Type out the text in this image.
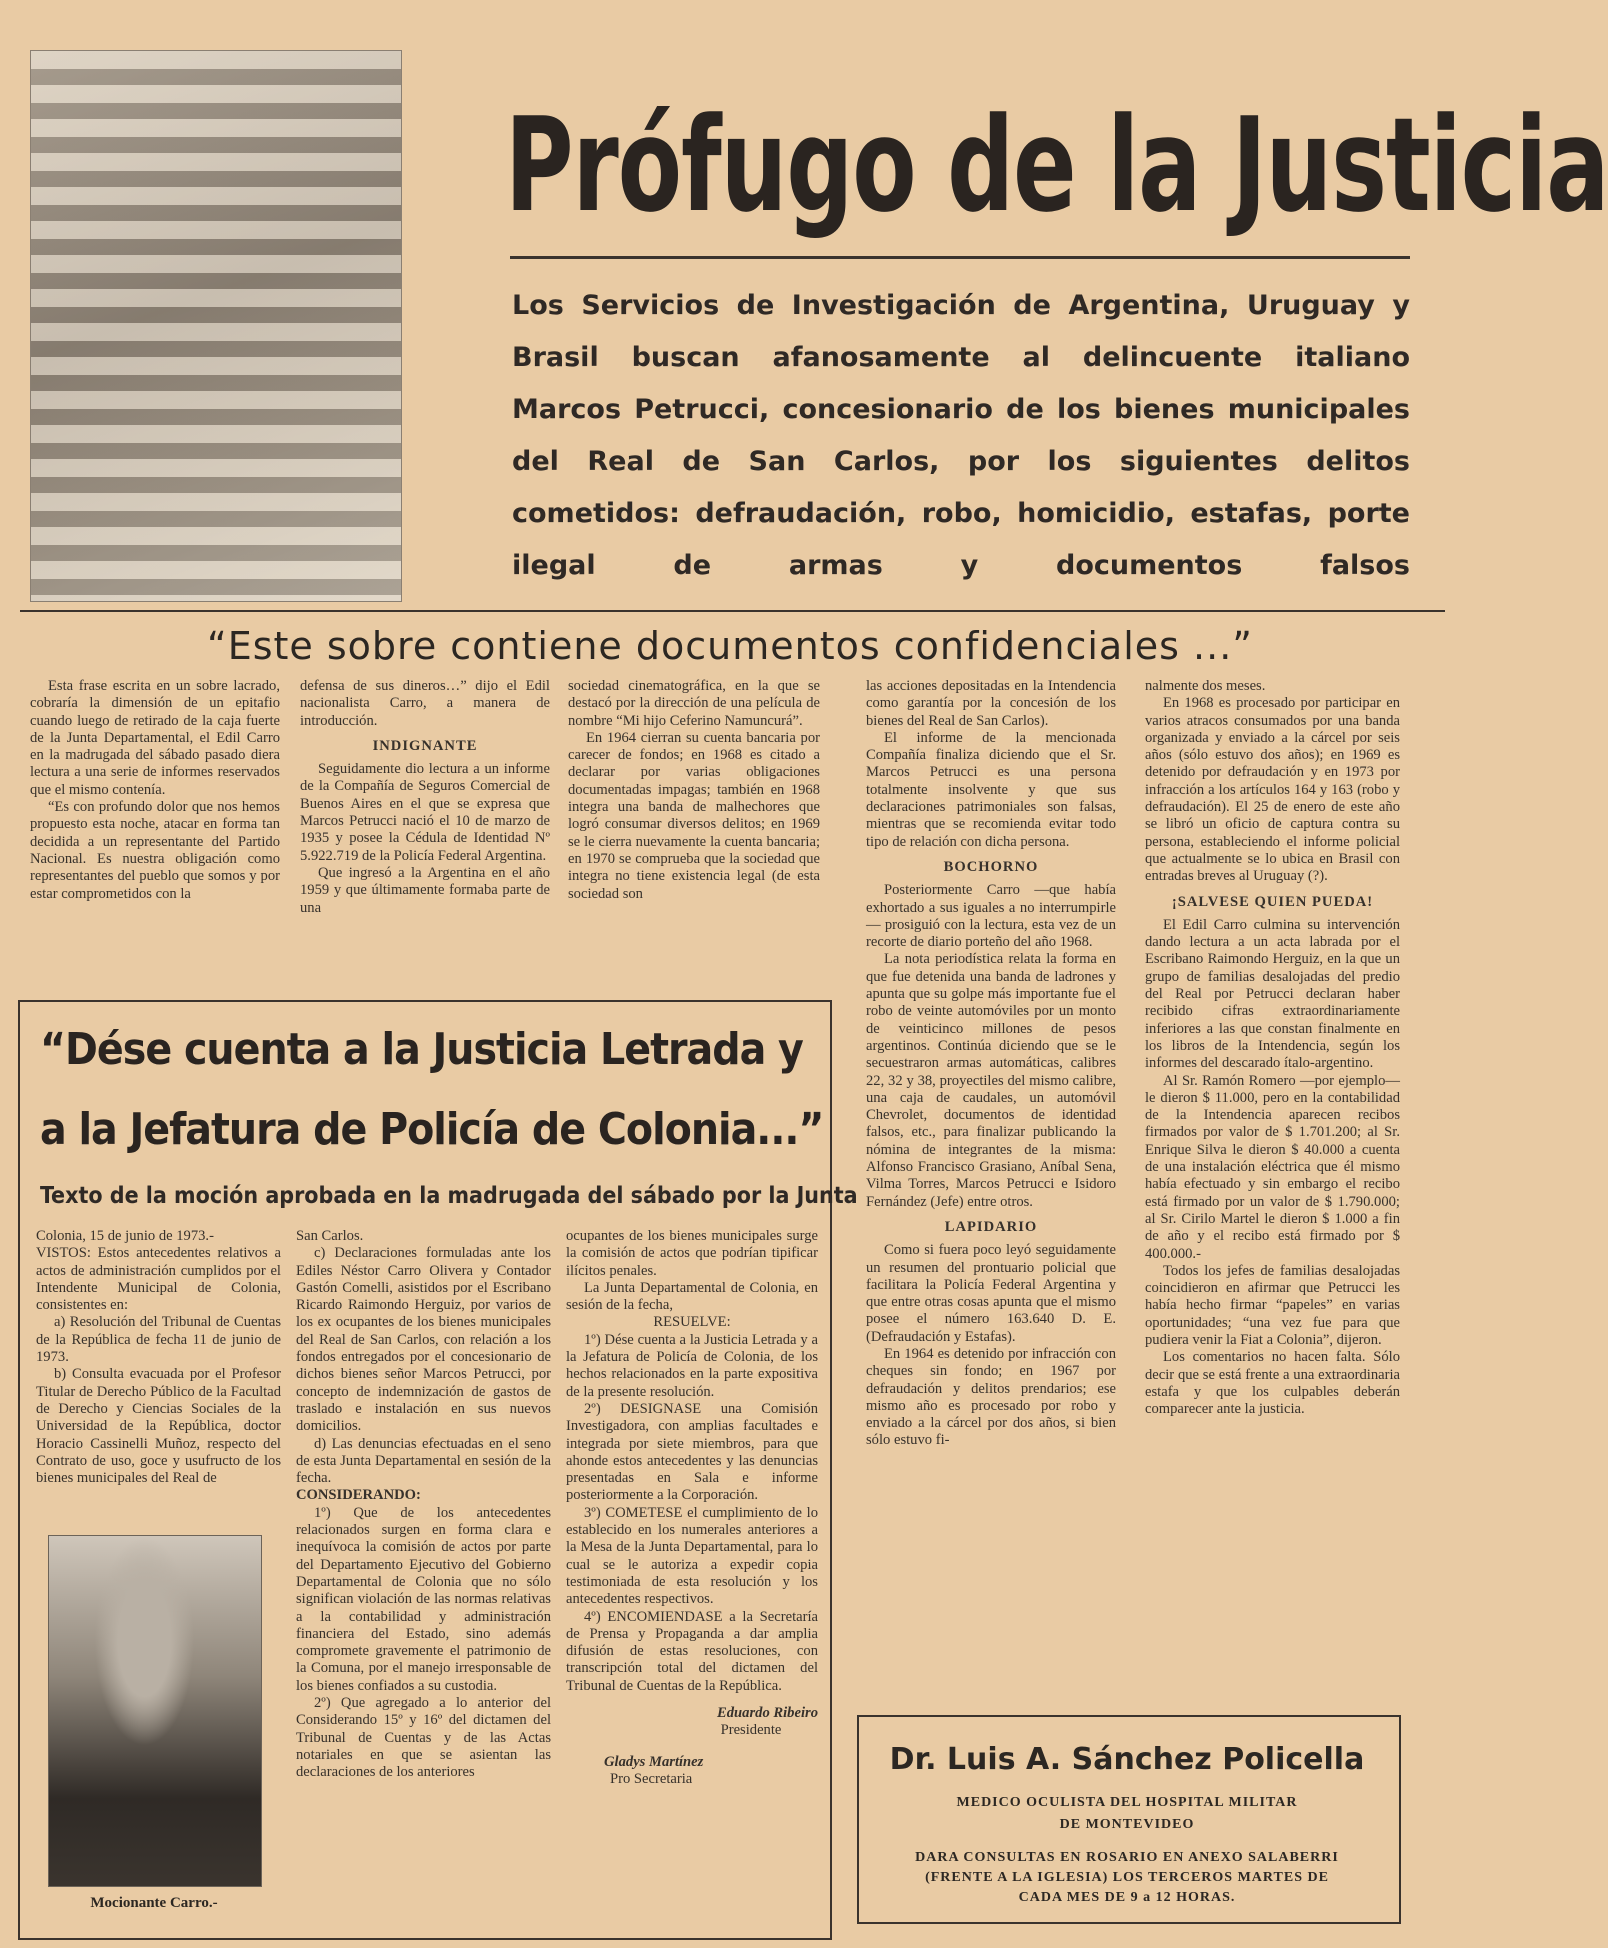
Prófugo de la Justicia
Los Servicios de Investigación de Argentina, Uruguay y Brasil buscan afanosamente al delincuente italiano Marcos Petrucci, concesionario de los bienes municipales del Real de San Carlos, por los siguientes delitos cometidos: defraudación, robo, homicidio, estafas, porte ilegal de armas y documentos falsos
“Este sobre contiene documentos confidenciales ...”

Esta frase escrita en un sobre lacrado, cobraría la dimensión de un epitafio cuando luego de retirado de la caja fuerte de la Junta Departamental, el Edil Carro en la madrugada del sábado pasado diera lectura a una serie de informes reservados que el mismo contenía.

“Es con profundo dolor que nos hemos propuesto esta noche, atacar en forma tan decidida a un representante del Partido Nacional. Es nuestra obligación como representantes del pueblo que somos y por estar comprometidos con la

defensa de sus dineros…” dijo el Edil nacionalista Carro, a manera de introducción.

INDIGNANTE

Seguidamente dio lectura a un informe de la Compañía de Seguros Comercial de Buenos Aires en el que se expresa que Marcos Petrucci nació el 10 de marzo de 1935 y posee la Cédula de Identidad Nº 5.922.719 de la Policía Federal Argentina.

Que ingresó a la Argentina en el año 1959 y que últimamente formaba parte de una

sociedad cinematográfica, en la que se destacó por la dirección de una película de nombre “Mi hijo Ceferino Namuncurá”.

En 1964 cierran su cuenta bancaria por carecer de fondos; en 1968 es citado a declarar por varias obligaciones documentadas impagas; también en 1968 integra una banda de malhechores que logró consumar diversos delitos; en 1969 se le cierra nuevamente la cuenta bancaria; en 1970 se comprueba que la sociedad que integra no tiene existencia legal (de esta sociedad son

las acciones depositadas en la Intendencia como garantía por la concesión de los bienes del Real de San Carlos).

El informe de la mencionada Compañía finaliza diciendo que el Sr. Marcos Petrucci es una persona totalmente insolvente y que sus declaraciones patrimoniales son falsas, mientras que se recomienda evitar todo tipo de relación con dicha persona.

BOCHORNO

Posteriormente Carro —que había exhortado a sus iguales a no interrumpirle— prosiguió con la lectura, esta vez de un recorte de diario porteño del año 1968.

La nota periodística relata la forma en que fue detenida una banda de ladrones y apunta que su golpe más importante fue el robo de veinte automóviles por un monto de veinticinco millones de pesos argentinos. Continúa diciendo que se le secuestraron armas automáticas, calibres 22, 32 y 38, proyectiles del mismo calibre, una caja de caudales, un automóvil Chevrolet, documentos de identidad falsos, etc., para finalizar publicando la nómina de integrantes de la misma: Alfonso Francisco Grasiano, Aníbal Sena, Vilma Torres, Marcos Petrucci e Isidoro Fernández (Jefe) entre otros.

LAPIDARIO

Como si fuera poco leyó seguidamente un resumen del prontuario policial que facilitara la Policía Federal Argentina y que entre otras cosas apunta que el mismo posee el número 163.640 D. E. (Defraudación y Estafas).

En 1964 es detenido por infracción con cheques sin fondo; en 1967 por defraudación y delitos prendarios; ese mismo año es procesado por robo y enviado a la cárcel por dos años, si bien sólo estuvo fi-

nalmente dos meses.

En 1968 es procesado por participar en varios atracos consumados por una banda organizada y enviado a la cárcel por seis años (sólo estuvo dos años); en 1969 es detenido por defraudación y en 1973 por infracción a los artículos 164 y 163 (robo y defraudación). El 25 de enero de este año se libró un oficio de captura contra su persona, estableciendo el informe policial que actualmente se lo ubica en Brasil con entradas breves al Uruguay (?).

¡SALVESE QUIEN PUEDA!

El Edil Carro culmina su intervención dando lectura a un acta labrada por el Escribano Raimondo Herguiz, en la que un grupo de familias desalojadas del predio del Real por Petrucci declaran haber recibido cifras extraordinariamente inferiores a las que constan finalmente en los libros de la Intendencia, según los informes del descarado ítalo-argentino.

Al Sr. Ramón Romero —por ejemplo— le dieron $ 11.000, pero en la contabilidad de la Intendencia aparecen recibos firmados por valor de $ 1.701.200; al Sr. Enrique Silva le dieron $ 40.000 a cuenta de una instalación eléctrica que él mismo había efectuado y sin embargo el recibo está firmado por un valor de $ 1.790.000; al Sr. Cirilo Martel le dieron $ 1.000 a fin de año y el recibo está firmado por $ 400.000.-

Todos los jefes de familias desalojadas coincidieron en afirmar que Petrucci les había hecho firmar “papeles” en varias oportunidades; “una vez fue para que pudiera venir la Fiat a Colonia”, dijeron.

Los comentarios no hacen falta. Sólo decir que se está frente a una extraordinaria estafa y que los culpables deberán comparecer ante la justicia.

“Dése cuenta a la Justicia Letrada y
a la Jefatura de Policía de Colonia...”
Texto de la moción aprobada en la madrugada del sábado por la Junta

Colonia, 15 de junio de 1973.-

VISTOS: Estos antecedentes relativos a actos de administración cumplidos por el Intendente Municipal de Colonia, consistentes en:

a) Resolución del Tribunal de Cuentas de la República de fecha 11 de junio de 1973.

b) Consulta evacuada por el Profesor Titular de Derecho Público de la Facultad de Derecho y Ciencias Sociales de la Universidad de la República, doctor Horacio Cassinelli Muñoz, respecto del Contrato de uso, goce y usufructo de los bienes municipales del Real de

Mocionante Carro.-

San Carlos.

c) Declaraciones formuladas ante los Ediles Néstor Carro Olivera y Contador Gastón Comelli, asistidos por el Escribano Ricardo Raimondo Herguiz, por varios de los ex ocupantes de los bienes municipales del Real de San Carlos, con relación a los fondos entregados por el concesionario de dichos bienes señor Marcos Petrucci, por concepto de indemnización de gastos de traslado e instalación en sus nuevos domicilios.

d) Las denuncias efectuadas en el seno de esta Junta Departamental en sesión de la fecha.

CONSIDERANDO:

1º) Que de los antecedentes relacionados surgen en forma clara e inequívoca la comisión de actos por parte del Departamento Ejecutivo del Gobierno Departamental de Colonia que no sólo significan violación de las normas relativas a la contabilidad y administración financiera del Estado, sino además compromete gravemente el patrimonio de la Comuna, por el manejo irresponsable de los bienes confiados a su custodia.

2º) Que agregado a lo anterior del Considerando 15º y 16º del dictamen del Tribunal de Cuentas y de las Actas notariales en que se asientan las declaraciones de los anteriores

ocupantes de los bienes municipales surge la comisión de actos que podrían tipificar ilícitos penales.

La Junta Departamental de Colonia, en sesión de la fecha,

RESUELVE:

1º) Dése cuenta a la Justicia Letrada y a la Jefatura de Policía de Colonia, de los hechos relacionados en la parte expositiva de la presente resolución.

2º) DESIGNASE una Comisión Investigadora, con amplias facultades e integrada por siete miembros, para que ahonde estos antecedentes y las denuncias presentadas en Sala e informe posteriormente a la Corporación.

3º) COMETESE el cumplimiento de lo establecido en los numerales anteriores a la Mesa de la Junta Departamental, para lo cual se le autoriza a expedir copia testimoniada de esta resolución y los antecedentes respectivos.

4º) ENCOMIENDASE a la Secretaría de Prensa y Propaganda a dar amplia difusión de estas resoluciones, con transcripción total del dictamen del Tribunal de Cuentas de la República.

Eduardo Ribeiro

Presidente

Gladys Martínez

Pro Secretaria

Dr. Luis A. Sánchez Policella
MEDICO OCULISTA DEL HOSPITAL MILITAR
DE MONTEVIDEO
DARA CONSULTAS EN ROSARIO EN ANEXO SALABERRI
(FRENTE A LA IGLESIA) LOS TERCEROS MARTES DE
CADA MES DE 9 a 12 HORAS.
